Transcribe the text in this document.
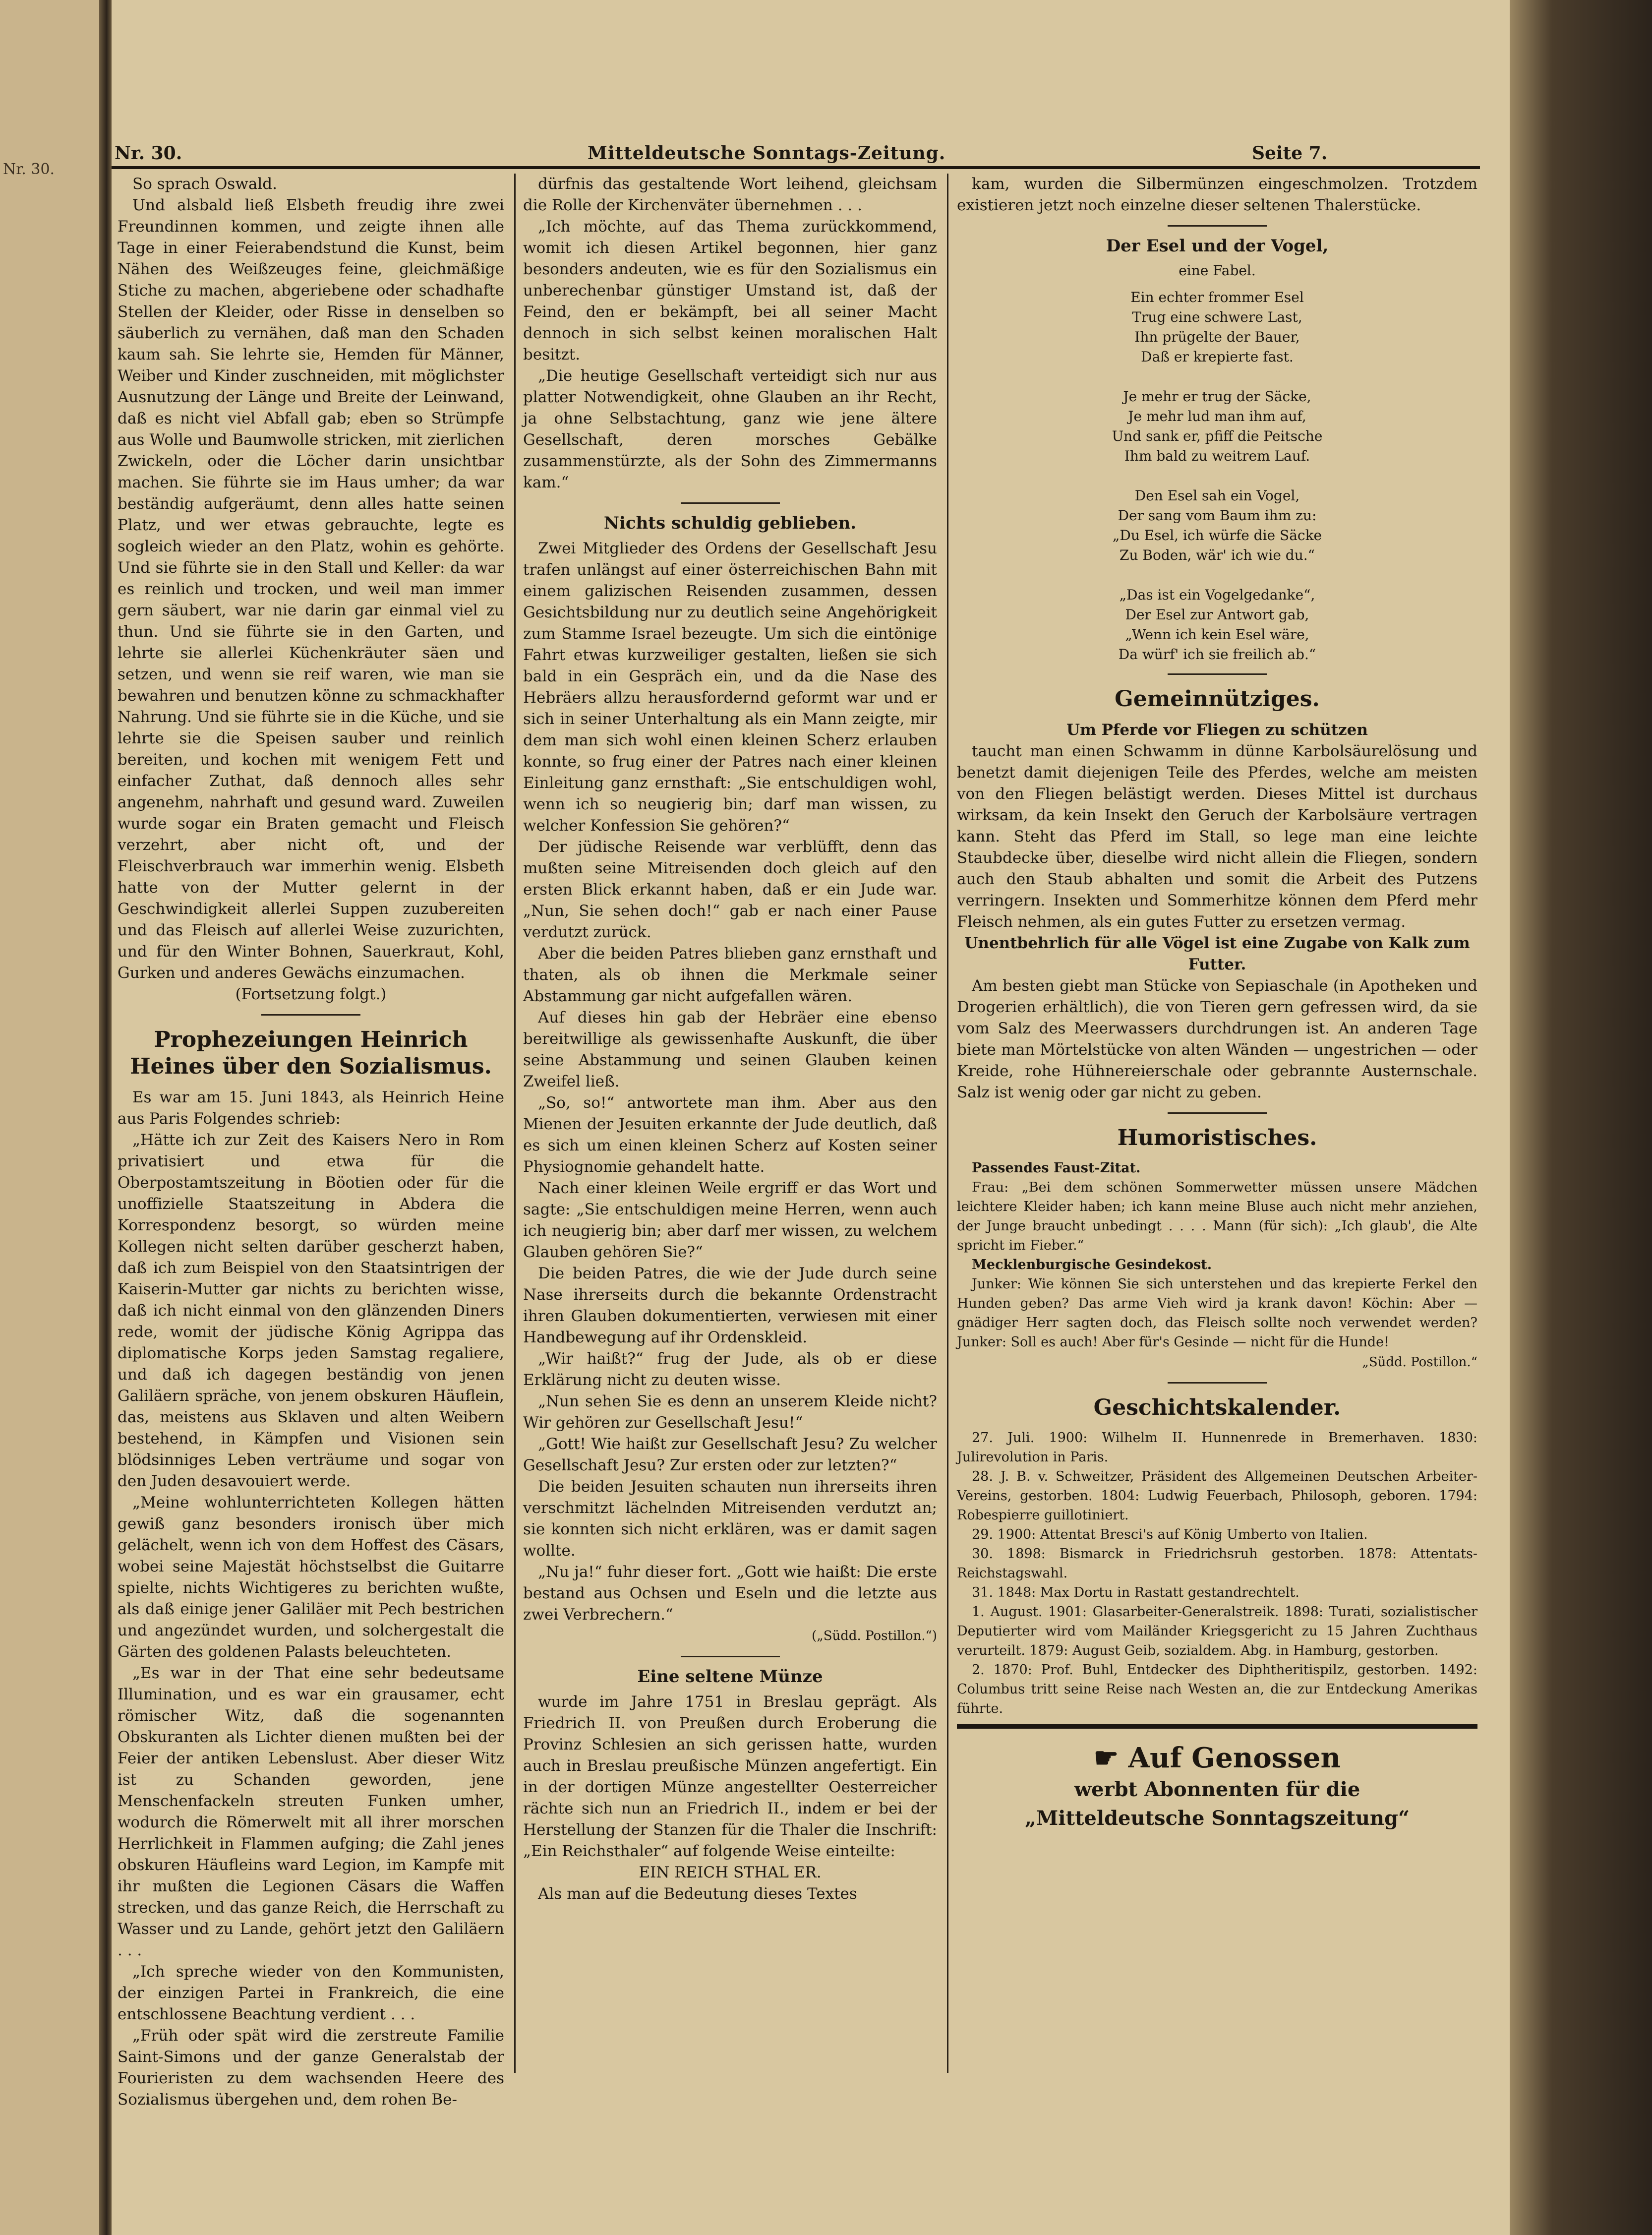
Nr. 30.
Nr. 30.	Mitteldeutsche Sonntags-Zeitung.	Seite 7.

So sprach Oswald.

Und alsbald ließ Elsbeth freudig ihre zwei Freundinnen kommen, und zeigte ihnen alle Tage in einer Feierabendstund die Kunst, beim Nähen des Weißzeuges feine, gleichmäßige Stiche zu machen, abgeriebene oder schadhafte Stellen der Kleider, oder Risse in denselben so säuberlich zu vernähen, daß man den Schaden kaum sah. Sie lehrte sie, Hemden für Männer, Weiber und Kinder zuschneiden, mit möglichster Ausnutzung der Länge und Breite der Leinwand, daß es nicht viel Abfall gab; eben so Strümpfe aus Wolle und Baumwolle stricken, mit zierlichen Zwickeln, oder die Löcher darin unsichtbar machen. Sie führte sie im Haus umher; da war beständig aufgeräumt, denn alles hatte seinen Platz, und wer etwas gebrauchte, legte es sogleich wieder an den Platz, wohin es gehörte. Und sie führte sie in den Stall und Keller: da war es reinlich und trocken, und weil man immer gern säubert, war nie darin gar einmal viel zu thun. Und sie führte sie in den Garten, und lehrte sie allerlei Küchenkräuter säen und setzen, und wenn sie reif waren, wie man sie bewahren und benutzen könne zu schmackhafter Nahrung. Und sie führte sie in die Küche, und sie lehrte sie die Speisen sauber und reinlich bereiten, und kochen mit wenigem Fett und einfacher Zuthat, daß dennoch alles sehr angenehm, nahrhaft und gesund ward. Zuweilen wurde sogar ein Braten gemacht und Fleisch verzehrt, aber nicht oft, und der Fleischverbrauch war immerhin wenig. Elsbeth hatte von der Mutter gelernt in der Geschwindigkeit allerlei Suppen zuzubereiten und das Fleisch auf allerlei Weise zuzurichten, und für den Winter Bohnen, Sauerkraut, Kohl, Gurken und anderes Gewächs einzumachen.

(Fortsetzung folgt.)

Prophezeiungen Heinrich Heines über den Sozialismus.

Es war am 15. Juni 1843, als Heinrich Heine aus Paris Folgendes schrieb:

„Hätte ich zur Zeit des Kaisers Nero in Rom privatisiert und etwa für die Oberpostamtszeitung in Böotien oder für die unoffizielle Staatszeitung in Abdera die Korrespondenz besorgt, so würden meine Kollegen nicht selten darüber gescherzt haben, daß ich zum Beispiel von den Staatsintrigen der Kaiserin-Mutter gar nichts zu berichten wisse, daß ich nicht einmal von den glänzenden Diners rede, womit der jüdische König Agrippa das diplomatische Korps jeden Samstag regaliere, und daß ich dagegen beständig von jenen Galiläern spräche, von jenem obskuren Häuflein, das, meistens aus Sklaven und alten Weibern bestehend, in Kämpfen und Visionen sein blödsinniges Leben verträume und sogar von den Juden desavouiert werde.

„Meine wohlunterrichteten Kollegen hätten gewiß ganz besonders ironisch über mich gelächelt, wenn ich von dem Hoffest des Cäsars, wobei seine Majestät höchstselbst die Guitarre spielte, nichts Wichtigeres zu berichten wußte, als daß einige jener Galiläer mit Pech bestrichen und angezündet wurden, und solchergestalt die Gärten des goldenen Palasts beleuchteten.

„Es war in der That eine sehr bedeutsame Illumination, und es war ein grausamer, echt römischer Witz, daß die sogenannten Obskuranten als Lichter dienen mußten bei der Feier der antiken Lebenslust. Aber dieser Witz ist zu Schanden geworden, jene Menschenfackeln streuten Funken umher, wodurch die Römerwelt mit all ihrer morschen Herrlichkeit in Flammen aufging; die Zahl jenes obskuren Häufleins ward Legion, im Kampfe mit ihr mußten die Legionen Cäsars die Waffen strecken, und das ganze Reich, die Herrschaft zu Wasser und zu Lande, gehört jetzt den Galiläern . . .

„Ich spreche wieder von den Kommunisten, der einzigen Partei in Frankreich, die eine entschlossene Beachtung verdient . . .

„Früh oder spät wird die zerstreute Familie Saint-Simons und der ganze Generalstab der Fourieristen zu dem wachsenden Heere des Sozialismus übergehen und, dem rohen Be-

dürfnis das gestaltende Wort leihend, gleichsam die Rolle der Kirchenväter übernehmen . . .

„Ich möchte, auf das Thema zurückkommend, womit ich diesen Artikel begonnen, hier ganz besonders andeuten, wie es für den Sozialismus ein unberechenbar günstiger Umstand ist, daß der Feind, den er bekämpft, bei all seiner Macht dennoch in sich selbst keinen moralischen Halt besitzt.

„Die heutige Gesellschaft verteidigt sich nur aus platter Notwendigkeit, ohne Glauben an ihr Recht, ja ohne Selbstachtung, ganz wie jene ältere Gesellschaft, deren morsches Gebälke zusammenstürzte, als der Sohn des Zimmermanns kam.“

Nichts schuldig geblieben.

Zwei Mitglieder des Ordens der Gesellschaft Jesu trafen unlängst auf einer österreichischen Bahn mit einem galizischen Reisenden zusammen, dessen Gesichtsbildung nur zu deutlich seine Angehörigkeit zum Stamme Israel bezeugte. Um sich die eintönige Fahrt etwas kurzweiliger gestalten, ließen sie sich bald in ein Gespräch ein, und da die Nase des Hebräers allzu herausfordernd geformt war und er sich in seiner Unterhaltung als ein Mann zeigte, mir dem man sich wohl einen kleinen Scherz erlauben konnte, so frug einer der Patres nach einer kleinen Einleitung ganz ernsthaft: „Sie entschuldigen wohl, wenn ich so neugierig bin; darf man wissen, zu welcher Konfession Sie gehören?“

Der jüdische Reisende war verblüfft, denn das mußten seine Mitreisenden doch gleich auf den ersten Blick erkannt haben, daß er ein Jude war. „Nun, Sie sehen doch!“ gab er nach einer Pause verdutzt zurück.

Aber die beiden Patres blieben ganz ernsthaft und thaten, als ob ihnen die Merkmale seiner Abstammung gar nicht aufgefallen wären.

Auf dieses hin gab der Hebräer eine ebenso bereitwillige als gewissenhafte Auskunft, die über seine Abstammung und seinen Glauben keinen Zweifel ließ.

„So, so!“ antwortete man ihm. Aber aus den Mienen der Jesuiten erkannte der Jude deutlich, daß es sich um einen kleinen Scherz auf Kosten seiner Physiognomie gehandelt hatte.

Nach einer kleinen Weile ergriff er das Wort und sagte: „Sie entschuldigen meine Herren, wenn auch ich neugierig bin; aber darf mer wissen, zu welchem Glauben gehören Sie?“

Die beiden Patres, die wie der Jude durch seine Nase ihrerseits durch die bekannte Ordenstracht ihren Glauben dokumentierten, verwiesen mit einer Handbewegung auf ihr Ordenskleid.

„Wir haißt?“ frug der Jude, als ob er diese Erklärung nicht zu deuten wisse.

„Nun sehen Sie es denn an unserem Kleide nicht? Wir gehören zur Gesellschaft Jesu!“

„Gott! Wie haißt zur Gesellschaft Jesu? Zu welcher Gesellschaft Jesu? Zur ersten oder zur letzten?“

Die beiden Jesuiten schauten nun ihrerseits ihren verschmitzt lächelnden Mitreisenden verdutzt an; sie konnten sich nicht erklären, was er damit sagen wollte.

„Nu ja!“ fuhr dieser fort. „Gott wie haißt: Die erste bestand aus Ochsen und Eseln und die letzte aus zwei Verbrechern.“

(„Südd. Postillon.“)

Eine seltene Münze

wurde im Jahre 1751 in Breslau geprägt. Als Friedrich II. von Preußen durch Eroberung die Provinz Schlesien an sich gerissen hatte, wurden auch in Breslau preußische Münzen angefertigt. Ein in der dortigen Münze angestellter Oesterreicher rächte sich nun an Friedrich II., indem er bei der Herstellung der Stanzen für die Thaler die Inschrift: „Ein Reichsthaler“ auf folgende Weise einteilte:

EIN REICH STHAL ER.

Als man auf die Bedeutung dieses Textes

kam, wurden die Silbermünzen eingeschmolzen. Trotzdem existieren jetzt noch einzelne dieser seltenen Thalerstücke.

Der Esel und der Vogel,
eine Fabel.
Ein echter frommer Esel
Trug eine schwere Last,
Ihn prügelte der Bauer,
Daß er krepierte fast.

Je mehr er trug der Säcke,
Je mehr lud man ihm auf,
Und sank er, pfiff die Peitsche
Ihm bald zu weitrem Lauf.

Den Esel sah ein Vogel,
Der sang vom Baum ihm zu:
„Du Esel, ich würfe die Säcke
Zu Boden, wär' ich wie du.“

„Das ist ein Vogelgedanke“,
Der Esel zur Antwort gab,
„Wenn ich kein Esel wäre,
Da würf' ich sie freilich ab.“
Gemeinnütziges.

Um Pferde vor Fliegen zu schützen

taucht man einen Schwamm in dünne Karbolsäurelösung und benetzt damit diejenigen Teile des Pferdes, welche am meisten von den Fliegen belästigt werden. Dieses Mittel ist durchaus wirksam, da kein Insekt den Geruch der Karbolsäure vertragen kann. Steht das Pferd im Stall, so lege man eine leichte Staubdecke über, dieselbe wird nicht allein die Fliegen, sondern auch den Staub abhalten und somit die Arbeit des Putzens verringern. Insekten und Sommerhitze können dem Pferd mehr Fleisch nehmen, als ein gutes Futter zu ersetzen vermag.

Unentbehrlich für alle Vögel ist eine Zugabe von Kalk zum Futter.

Am besten giebt man Stücke von Sepiaschale (in Apotheken und Drogerien erhältlich), die von Tieren gern gefressen wird, da sie vom Salz des Meerwassers durchdrungen ist. An anderen Tage biete man Mörtelstücke von alten Wänden — ungestrichen — oder Kreide, rohe Hühnereierschale oder gebrannte Austernschale. Salz ist wenig oder gar nicht zu geben.

Humoristisches.

Passendes Faust-Zitat.

Frau: „Bei dem schönen Sommerwetter müssen unsere Mädchen leichtere Kleider haben; ich kann meine Bluse auch nicht mehr anziehen, der Junge braucht unbedingt . . . . Mann (für sich): „Ich glaub', die Alte spricht im Fieber.“

Mecklenburgische Gesindekost.

Junker: Wie können Sie sich unterstehen und das krepierte Ferkel den Hunden geben? Das arme Vieh wird ja krank davon! Köchin: Aber — gnädiger Herr sagten doch, das Fleisch sollte noch verwendet werden? Junker: Soll es auch! Aber für's Gesinde — nicht für die Hunde!

„Südd. Postillon.“

Geschichtskalender.

27. Juli. 1900: Wilhelm II. Hunnenrede in Bremerhaven. 1830: Julirevolution in Paris.

28. J. B. v. Schweitzer, Präsident des Allgemeinen Deutschen Arbeiter-Vereins, gestorben. 1804: Ludwig Feuerbach, Philosoph, geboren. 1794: Robespierre guillotiniert.

29. 1900: Attentat Bresci's auf König Umberto von Italien.

30. 1898: Bismarck in Friedrichsruh gestorben. 1878: Attentats-Reichstagswahl.

31. 1848: Max Dortu in Rastatt gestandrechtelt.

1. August. 1901: Glasarbeiter-Generalstreik. 1898: Turati, sozialistischer Deputierter wird vom Mailänder Kriegsgericht zu 15 Jahren Zuchthaus verurteilt. 1879: August Geib, sozialdem. Abg. in Hamburg, gestorben.

2. 1870: Prof. Buhl, Entdecker des Diphtheritispilz, gestorben. 1492: Columbus tritt seine Reise nach Westen an, die zur Entdeckung Amerikas führte.

☛ Auf Genossen
werbt Abonnenten für die
„Mitteldeutsche Sonntagszeitung“
